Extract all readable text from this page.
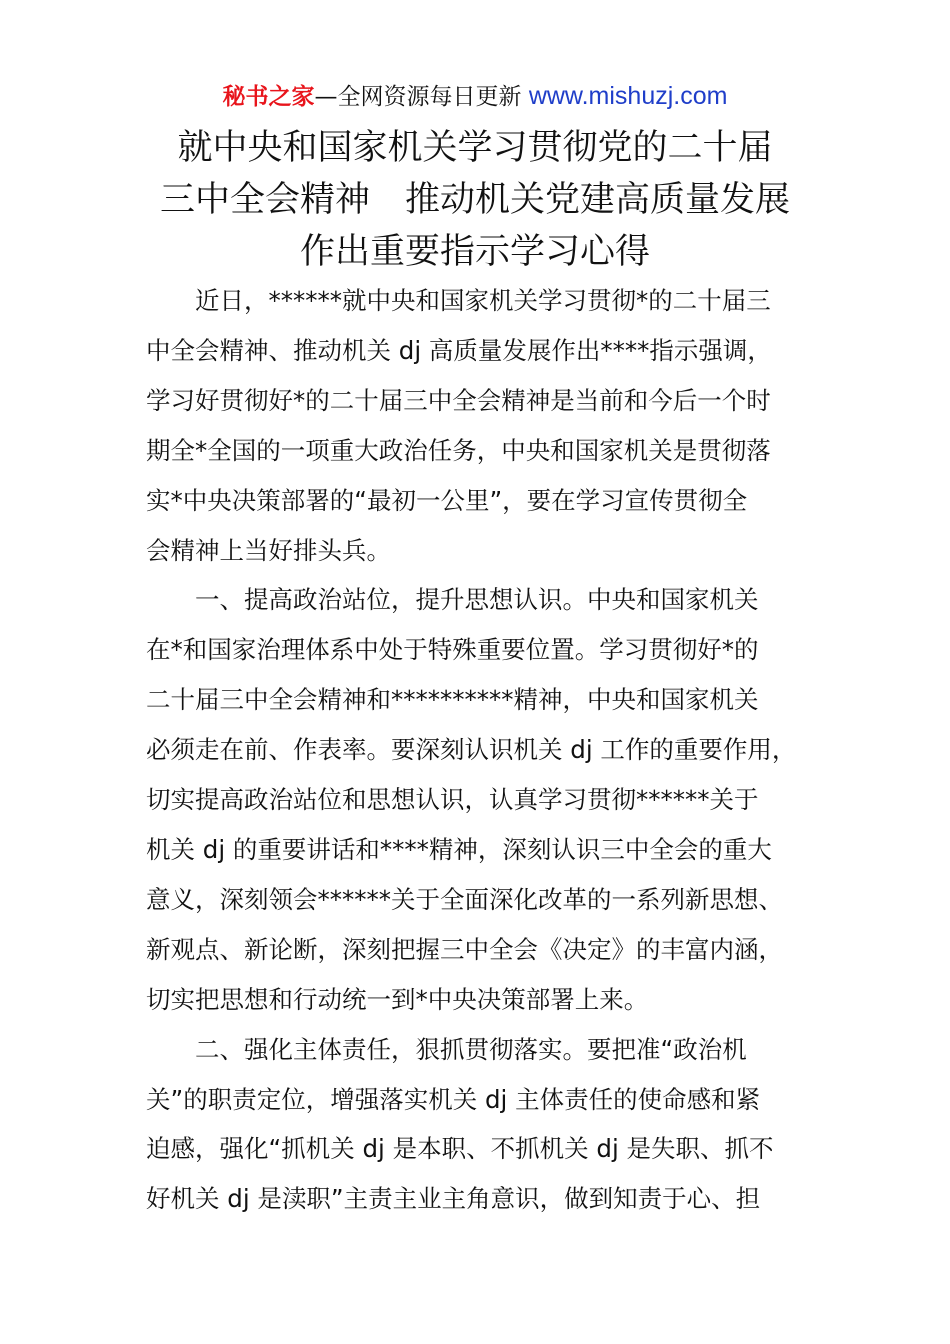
秘书之家—全网资源每日更新 www.mishuzj.com
就中央和国家机关学习贯彻党的二十届
三中全会精神　推动机关党建高质量发展
作出重要指示学习心得

近日，******就中央和国家机关学习贯彻*的二十届三
中全会精神、推动机关 dj 高质量发展作出****指示强调，
学习好贯彻好*的二十届三中全会精神是当前和今后一个时
期全*全国的一项重大政治任务，中央和国家机关是贯彻落
实*中央决策部署的“最初一公里”，要在学习宣传贯彻全
会精神上当好排头兵。

一、提高政治站位，提升思想认识。中央和国家机关
在*和国家治理体系中处于特殊重要位置。学习贯彻好*的
二十届三中全会精神和**********精神，中央和国家机关
必须走在前、作表率。要深刻认识机关 dj 工作的重要作用，
切实提高政治站位和思想认识，认真学习贯彻******关于
机关 dj 的重要讲话和****精神，深刻认识三中全会的重大
意义，深刻领会******关于全面深化改革的一系列新思想、
新观点、新论断，深刻把握三中全会《决定》的丰富内涵，
切实把思想和行动统一到*中央决策部署上来。

二、强化主体责任，狠抓贯彻落实。要把准“政治机
关”的职责定位，增强落实机关 dj 主体责任的使命感和紧
迫感，强化“抓机关 dj 是本职、不抓机关 dj 是失职、抓不
好机关 dj 是渎职”主责主业主角意识，做到知责于心、担
